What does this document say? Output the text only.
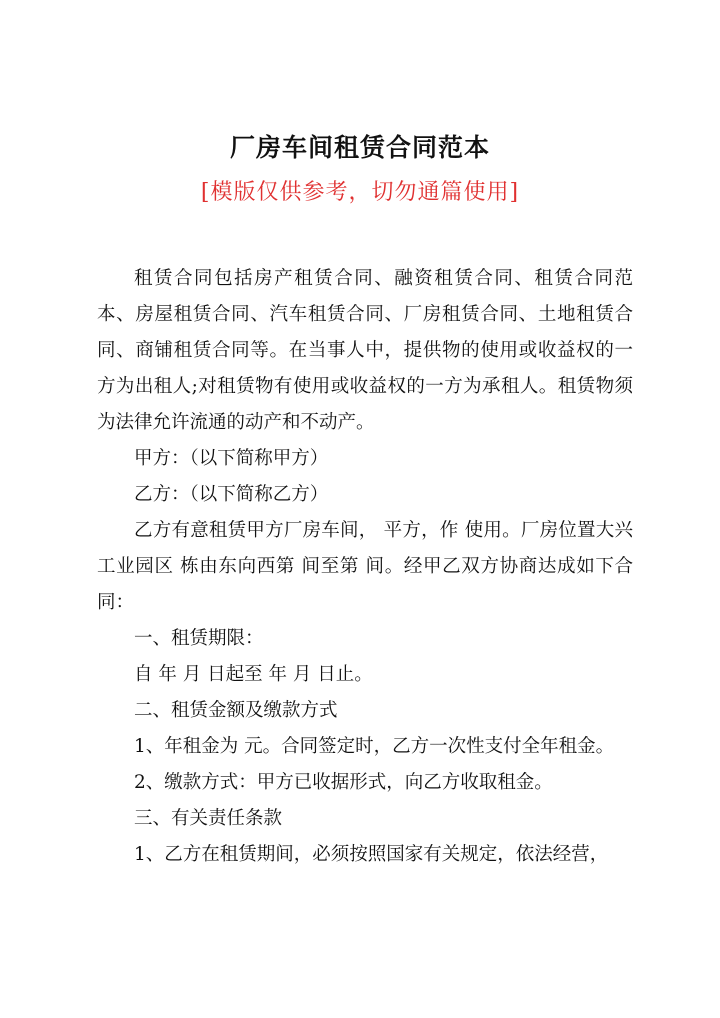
厂房车间租赁合同范本
[模版仅供参考，切勿通篇使用]

租赁合同包括房产租赁合同、融资租赁合同、租赁合同范本、房屋租赁合同、汽车租赁合同、厂房租赁合同、土地租赁合同、商铺租赁合同等。在当事人中，提供物的使用或收益权的一方为出租人;对租赁物有使用或收益权的一方为承租人。租赁物须为法律允许流通的动产和不动产。

甲方：（以下简称甲方）

乙方：（以下简称乙方）

乙方有意租赁甲方厂房车间， 平方，作 使用。厂房位置大兴工业园区 栋由东向西第 间至第 间。经甲乙双方协商达成如下合同：

一、租赁期限：

自 年 月 日起至 年 月 日止。

二、租赁金额及缴款方式

1、年租金为 元。合同签定时，乙方一次性支付全年租金。

2、缴款方式：甲方已收据形式，向乙方收取租金。

三、有关责任条款

1、乙方在租赁期间，必须按照国家有关规定，依法经营，
